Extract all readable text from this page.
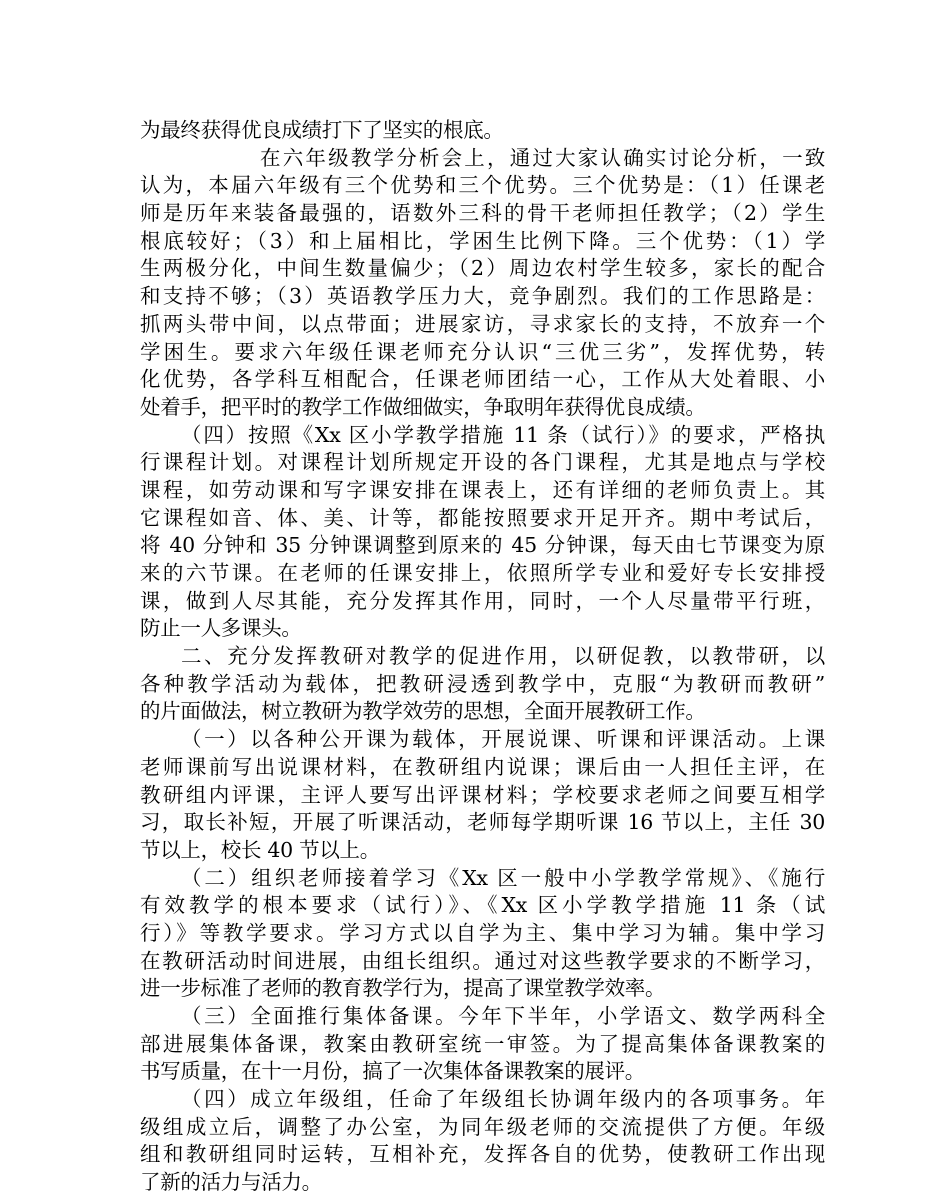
为最终获得优良成绩打下了坚实的根底。
在六年级教学分析会上，通过大家认确实讨论分析，一致
认为，本届六年级有三个优势和三个优势。三个优势是：（1）任课老
师是历年来装备最强的，语数外三科的骨干老师担任教学；（2）学生
根底较好；（3）和上届相比，学困生比例下降。三个优势：（1）学
生两极分化，中间生数量偏少；（2）周边农村学生较多，家长的配合
和支持不够；（3）英语教学压力大，竞争剧烈。我们的工作思路是：
抓两头带中间，以点带面；进展家访，寻求家长的支持，不放弃一个
学困生。要求六年级任课老师充分认识“三优三劣”，发挥优势，转
化优势，各学科互相配合，任课老师团结一心，工作从大处着眼、小
处着手，把平时的教学工作做细做实，争取明年获得优良成绩。
（四）按照《Xx 区小学教学措施 11 条（试行）》的要求，严格执
行课程计划。对课程计划所规定开设的各门课程，尤其是地点与学校
课程，如劳动课和写字课安排在课表上，还有详细的老师负责上。其
它课程如音、体、美、计等，都能按照要求开足开齐。期中考试后，
将 40 分钟和 35 分钟课调整到原来的 45 分钟课，每天由七节课变为原
来的六节课。在老师的任课安排上，依照所学专业和爱好专长安排授
课，做到人尽其能，充分发挥其作用，同时，一个人尽量带平行班，
防止一人多课头。
二、充分发挥教研对教学的促进作用，以研促教，以教带研，以
各种教学活动为载体，把教研浸透到教学中，克服“为教研而教研”
的片面做法，树立教研为教学效劳的思想，全面开展教研工作。
（一）以各种公开课为载体，开展说课、听课和评课活动。上课
老师课前写出说课材料，在教研组内说课；课后由一人担任主评，在
教研组内评课，主评人要写出评课材料；学校要求老师之间要互相学
习，取长补短，开展了听课活动，老师每学期听课 16 节以上，主任 30
节以上，校长 40 节以上。
（二）组织老师接着学习《Xx 区一般中小学教学常规》、《施行
有效教学的根本要求（试行）》、《Xx 区小学教学措施 11 条（试
行）》等教学要求。学习方式以自学为主、集中学习为辅。集中学习
在教研活动时间进展，由组长组织。通过对这些教学要求的不断学习，
进一步标准了老师的教育教学行为，提高了课堂教学效率。
（三）全面推行集体备课。今年下半年，小学语文、数学两科全
部进展集体备课，教案由教研室统一审签。为了提高集体备课教案的
书写质量，在十一月份，搞了一次集体备课教案的展评。
（四）成立年级组，任命了年级组长协调年级内的各项事务。年
级组成立后，调整了办公室，为同年级老师的交流提供了方便。年级
组和教研组同时运转，互相补充，发挥各自的优势，使教研工作出现
了新的活力与活力。
